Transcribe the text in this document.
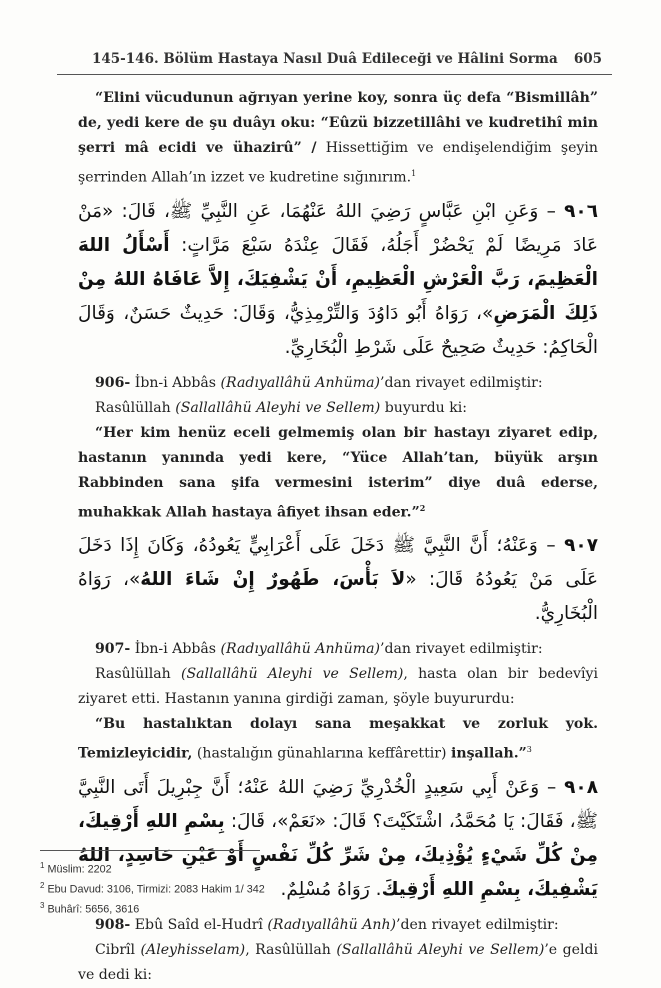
145-146. Bölüm Hastaya Nasıl Duâ Edileceği ve Hâlini Sorma 605

“Elini vücudunun ağrıyan yerine koy, sonra üç defa “Bismillâh” de, yedi kere de şu duâyı oku: “Eûzü bizzetillâhi ve kudretihî min şerri mâ ecidi ve ühazirû” / Hissettiğim ve endişelendiğim şeyin şerrinden Allah’ın izzet ve kudretine sığınırım.$^1$

٩٠٦ – وَعَنِ ابْنِ عَبَّاسٍ رَضِيَ اللهُ عَنْهُمَا، عَنِ النَّبِيِّ ﷺ، قَالَ: «مَنْ عَادَ مَرِيضًا لَمْ يَحْضُرْ أَجَلُهُ، فَقَالَ عِنْدَهُ سَبْعَ مَرَّاتٍ: أَسْأَلُ اللهَ الْعَظِيمَ، رَبَّ الْعَرْشِ الْعَظِيمِ، أَنْ يَشْفِيَكَ، إِلاَّ عَافَاهُ اللهُ مِنْ ذَلِكَ الْمَرَضِ»، رَوَاهُ أَبُو دَاوُدَ وَالتِّرْمِذِيُّ، وَقَالَ: حَدِيثٌ حَسَنٌ، وَقَالَ الْحَاكِمُ: حَدِيثٌ صَحِيحٌ عَلَى شَرْطِ الْبُخَارِيِّ.

906- İbn-i Abbâs (Radıyallâhü Anhüma)’dan rivayet edilmiştir:

Rasûlüllah (Sallallâhü Aleyhi ve Sellem) buyurdu ki:

“Her kim henüz eceli gelmemiş olan bir hastayı ziyaret edip, hastanın yanında yedi kere, “Yüce Allah’tan, büyük arşın Rabbinden sana şifa vermesini isterim” diye duâ ederse, muhakkak Allah hastaya âfiyet ihsan eder.”$^2$

٩٠٧ – وَعَنْهُ؛ أَنَّ النَّبِيَّ ﷺ دَخَلَ عَلَى أَعْرَابِيٍّ يَعُودُهُ، وَكَانَ إِذَا دَخَلَ عَلَى مَنْ يَعُودُهُ قَالَ: «لاَ بَأْسَ، طَهُورٌ إِنْ شَاءَ اللهُ»، رَوَاهُ الْبُخَارِيُّ.

907- İbn-i Abbâs (Radıyallâhü Anhüma)’dan rivayet edilmiştir:

Rasûlüllah (Sallallâhü Aleyhi ve Sellem), hasta olan bir bedevîyi ziyaret etti. Hastanın yanına girdiği zaman, şöyle buyururdu:

“Bu hastalıktan dolayı sana meşakkat ve zorluk yok. Temizleyicidir, (hastalığın günahlarına keffârettir) inşallah.”$^3$

٩٠٨ – وَعَنْ أَبِي سَعِيدٍ الْخُدْرِيِّ رَضِيَ اللهُ عَنْهُ؛ أَنَّ جِبْرِيلَ أَتَى النَّبِيَّ ﷺ، فَقَالَ: يَا مُحَمَّدُ، اشْتَكَيْتَ؟ قَالَ: «نَعَمْ»، قَالَ: بِسْمِ اللهِ أَرْقِيكَ، مِنْ كُلِّ شَيْءٍ يُؤْذِيكَ، مِنْ شَرِّ كُلِّ نَفْسٍ أَوْ عَيْنِ حَاسِدٍ، اللهُ يَشْفِيكَ، بِسْمِ اللهِ أَرْقِيكَ. رَوَاهُ مُسْلِمٌ.

908- Ebû Saîd el-Hudrî (Radıyallâhü Anh)’den rivayet edilmiştir:

Cibrîl (Aleyhisselam), Rasûlüllah (Sallallâhü Aleyhi ve Sellem)’e geldi ve dedi ki:

$^1$ Müslim: 2202
$^2$ Ebu Davud: 3106, Tirmizi: 2083 Hakim 1/ 342
$^3$ Buhârî: 5656, 3616
